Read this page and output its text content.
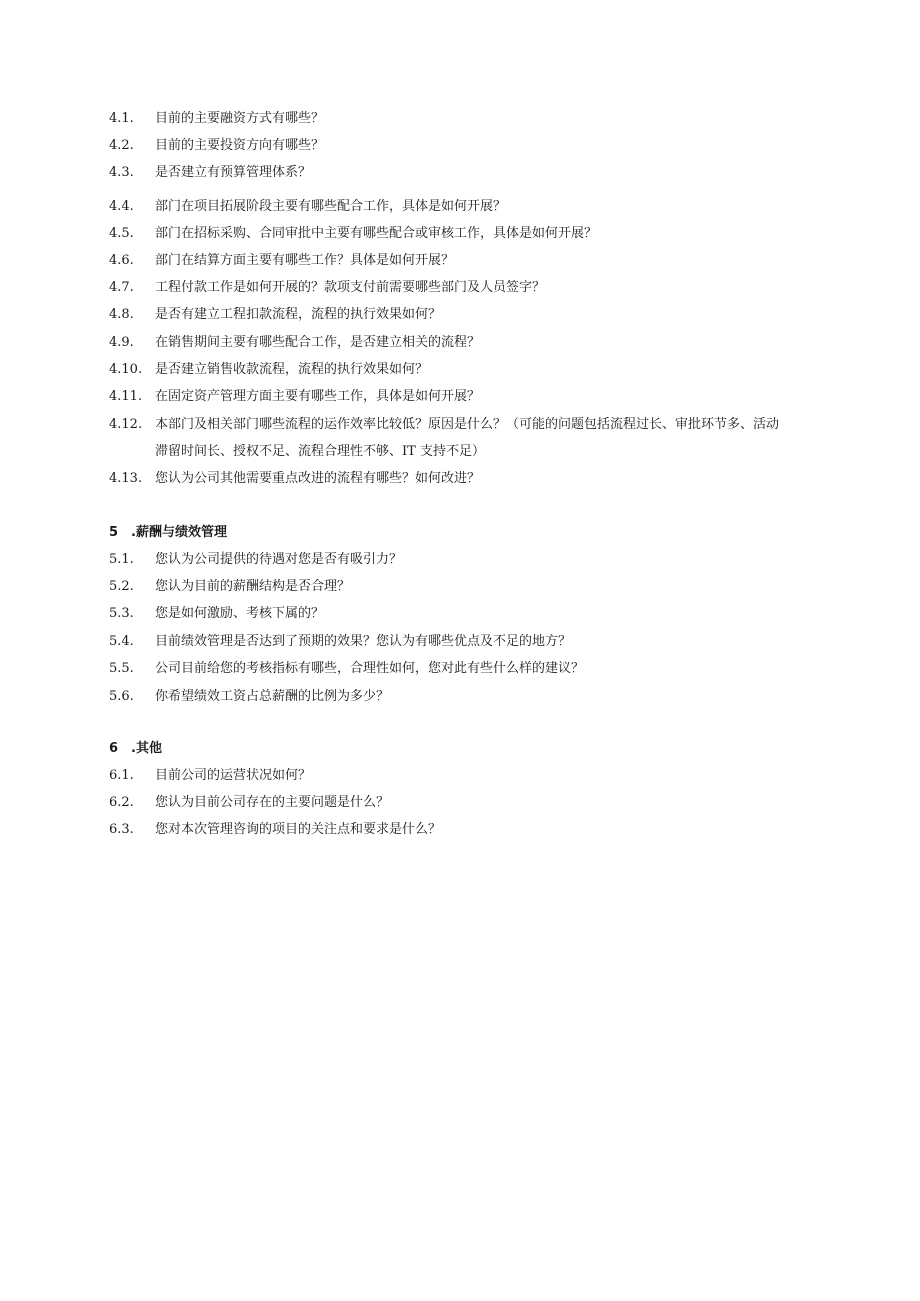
4.1.	目前的主要融资方式有哪些？
4.2.	目前的主要投资方向有哪些？
4.3.	是否建立有预算管理体系？
4.4.	部门在项目拓展阶段主要有哪些配合工作，具体是如何开展？
4.5.	部门在招标采购、合同审批中主要有哪些配合或审核工作，具体是如何开展？
4.6.	部门在结算方面主要有哪些工作？具体是如何开展？
4.7.	工程付款工作是如何开展的？款项支付前需要哪些部门及人员签字？
4.8.	是否有建立工程扣款流程，流程的执行效果如何？
4.9.	在销售期间主要有哪些配合工作，是否建立相关的流程？
4.10. 是否建立销售收款流程，流程的执行效果如何？
4.11. 在固定资产管理方面主要有哪些工作，具体是如何开展？
4.12. 本部门及相关部门哪些流程的运作效率比较低？原因是什么？（可能的问题包括流程过长、审批环节多、活动
滞留时间长、授权不足、流程合理性不够、IT 支持不足）
4.13. 您认为公司其他需要重点改进的流程有哪些？如何改进？
5 .薪酬与绩效管理
5.1.	您认为公司提供的待遇对您是否有吸引力？
5.2.	您认为目前的薪酬结构是否合理？
5.3.	您是如何激励、考核下属的？
5.4.	目前绩效管理是否达到了预期的效果？您认为有哪些优点及不足的地方？
5.5.	公司目前给您的考核指标有哪些，合理性如何，您对此有些什么样的建议？
5.6.	你希望绩效工资占总薪酬的比例为多少？
6 .其他
6.1.	目前公司的运营状况如何？
6.2.	您认为目前公司存在的主要问题是什么？
6.3.	您对本次管理咨询的项目的关注点和要求是什么？
